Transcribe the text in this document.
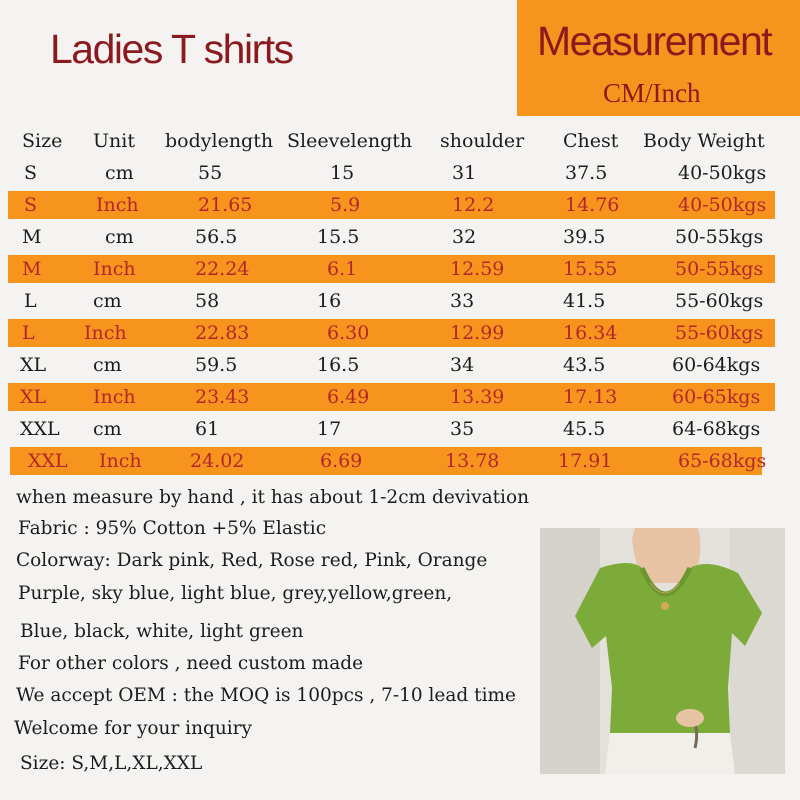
Ladies T shirts	Measurement
CM/Inch
Size Unit bodylength Sleevelength shoulder Chest Body Weight
S	cm	55	15	31	37.5	40-50kgs
S	Inch	21.65	5.9	12.2	14.76	40-50kgs
M	cm	56.5	15.5	32	39.5	50-55kgs
M	Inch	22.24	6.1	12.59	15.55	50-55kgs
L	cm	58	16	33	41.5	55-60kgs
L	Inch	22.83	6.30	12.99	16.34	55-60kgs
XL cm	59.5	16.5	34	43.5	60-64kgs
XL Inch	23.43	6.49	13.39	17.13	60-65kgs
XXL cm	61	17	35	45.5	64-68kgs
XXL Inch	24.02	6.69	13.78	17.91	65-68kgs
when measure by hand , it has about 1-2cm devivation
Fabric : 95% Cotton +5% Elastic
Colorway: Dark pink, Red, Rose red, Pink, Orange
Purple, sky blue, light blue, grey,yellow,green,
Blue, black, white, light green
For other colors , need custom made
We accept OEM : the MOQ is 100pcs , 7-10 lead time
Welcome for your inquiry
Size: S,M,L,XL,XXL
